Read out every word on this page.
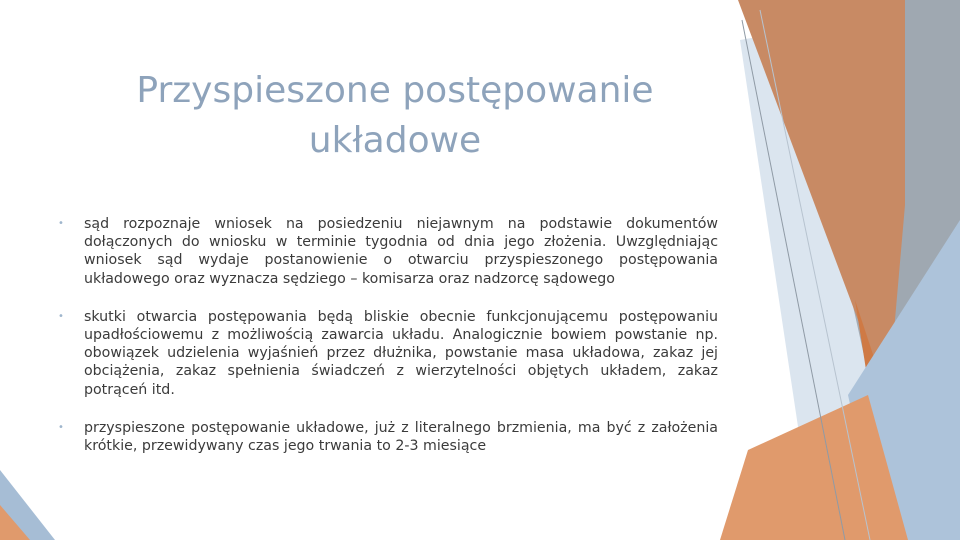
Przyspieszone postępowanie
układowe
• sąd rozpoznaje wniosek na posiedzeniu niejawnym na podstawie dokumentów dołączonych do wniosku w terminie tygodnia od dnia jego złożenia. Uwzględniając wniosek sąd wydaje postanowienie o otwarciu przyspieszonego postępowania układowego oraz wyznacza sędziego – komisarza oraz nadzorcę sądowego
• skutki otwarcia postępowania będą bliskie obecnie funkcjonującemu postępowaniu upadłościowemu z możliwością zawarcia układu. Analogicznie bowiem powstanie np. obowiązek udzielenia wyjaśnień przez dłużnika, powstanie masa układowa, zakaz jej obciążenia, zakaz spełnienia świadczeń z wierzytelności objętych układem, zakaz potrąceń itd.
• przyspieszone postępowanie układowe, już z literalnego brzmienia, ma być z założenia krótkie, przewidywany czas jego trwania to 2-3 miesiące
